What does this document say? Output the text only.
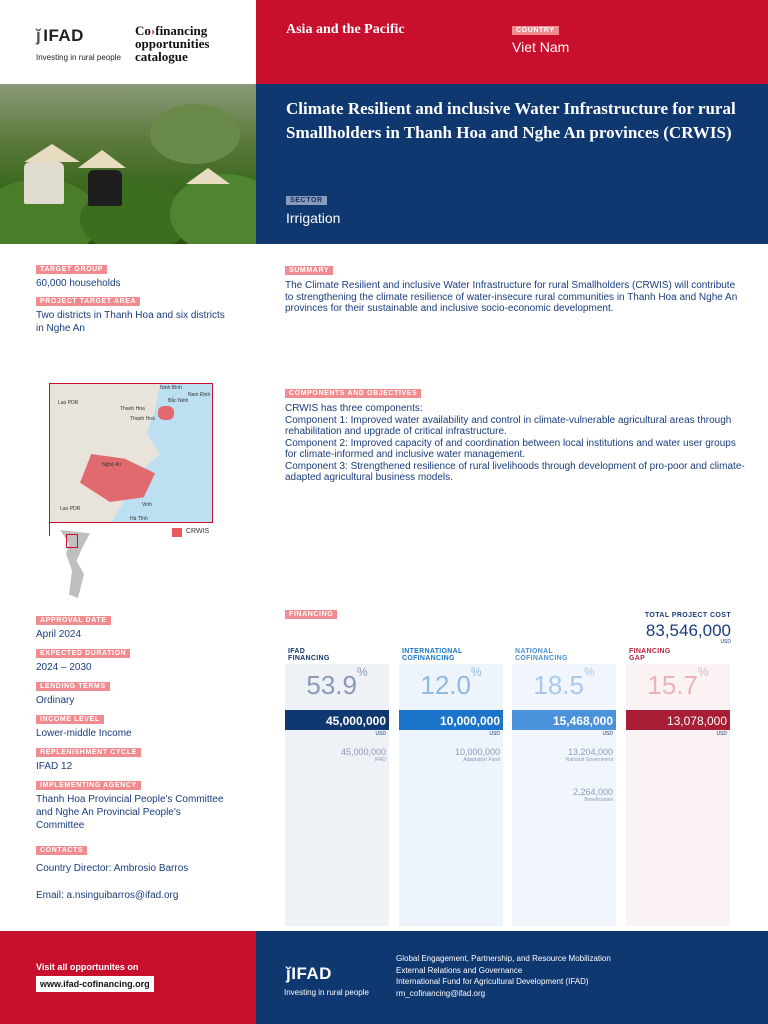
ǰ IFAD
Investing in rural people
Co›financing
opportunities
catalogue
Asia and the Pacific	COUNTRY
Viet Nam
Climate Resilient and inclusive Water Infrastructure for rural Smallholders in Thanh Hoa and Nghe An provinces (CRWIS)
SECTOR
Irrigation
TARGET GROUP
60,000 households
PROJECT TARGET AREA
Two districts in Thanh Hoa and six districts in Nghe An
Ninh Bình
Nam Định
Thanh Hoa
Thanh Hoá
Nghệ An
Hà Tĩnh
Lao PDR
Lao PDR
Vinh
Bắc Ninh
CRWIS
SUMMARY
The Climate Resilient and inclusive Water Infrastructure for rural Smallholders (CRWIS) will contribute to strengthening the climate resilience of water-insecure rural communities in Thanh Hoa and Nghe An provinces for their sustainable and inclusive socio-economic development.
COMPONENTS AND OBJECTIVES
CRWIS has three components:
Component 1: Improved water availability and control in climate-vulnerable agricultural areas through rehabilitation and upgrade of critical infrastructure.
Component 2: Improved capacity of and coordination between local institutions and water user groups for climate-informed and inclusive water management.
Component 3: Strengthened resilience of rural livelihoods through development of pro-poor and climate-adapted agricultural business models.
APPROVAL DATE
April 2024
EXPECTED DURATION
2024 – 2030
LENDING TERMS
Ordinary
INCOME LEVEL
Lower-middle Income
REPLENISHMENT CYCLE
IFAD 12
IMPLEMENTING AGENCY
Thanh Hoa Provincial People's Committee and Nghe An Provincial People's Committee
CONTACTS
Country Director: Ambrosio Barros
Email: a.nsinguibarros@ifad.org
FINANCING	TOTAL PROJECT COST
83,546,000
USD
IFAD
FINANCING
53.9%
45,000,000
USD
45,000,000
IFAD
INTERNATIONAL
COFINANCING
12.0%
10,000,000
USD
10,000,000
Adaptation Fund
NATIONAL
COFINANCING
18.5%
15,468,000
USD
13,204,000
National Government
2,264,000
Beneficiaries
FINANCING
GAP
15.7%
13,078,000
USD
Visit all opportunites on
www.ifad-cofinancing.org
ǰIFAD
Investing in rural people
Global Engagement, Partnership, and Resource Mobilization
External Relations and Governance
International Fund for Agricultural Development (IFAD)
rm_cofinancing@ifad.org
